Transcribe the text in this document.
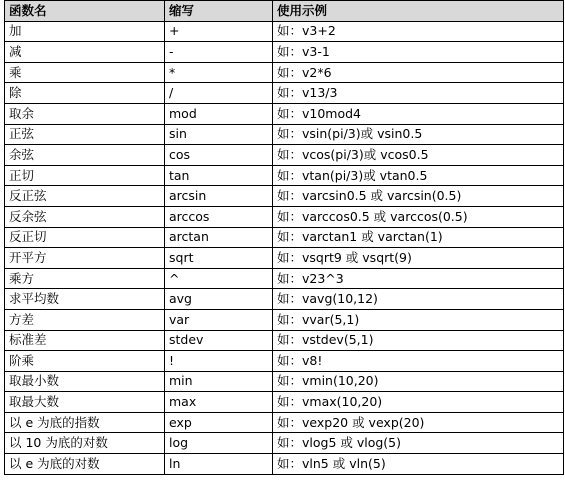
函数名	缩写	使用示例
加	+	如：v3+2
减	-	如：v3-1
乘	*	如：v2*6
除	/	如：v13/3
取余	mod	如：v10mod4
正弦	sin	如：vsin(pi/3)或 vsin0.5
余弦	cos	如：vcos(pi/3)或 vcos0.5
正切	tan	如：vtan(pi/3)或 vtan0.5
反正弦	arcsin	如：varcsin0.5 或 varcsin(0.5)
反余弦	arccos	如：varccos0.5 或 varccos(0.5)
反正切	arctan	如：varctan1 或 varctan(1)
开平方	sqrt	如：vsqrt9 或 vsqrt(9)
乘方	^	如：v23^3
求平均数	avg	如：vavg(10,12)
方差	var	如：vvar(5,1)
标准差	stdev	如：vstdev(5,1)
阶乘	!	如：v8!
取最小数	min	如：vmin(10,20)
取最大数	max	如：vmax(10,20)
以 e 为底的指数	exp	如：vexp20 或 vexp(20)
以 10 为底的对数	log	如：vlog5 或 vlog(5)
以 e 为底的对数	ln	如：vln5 或 vln(5)
